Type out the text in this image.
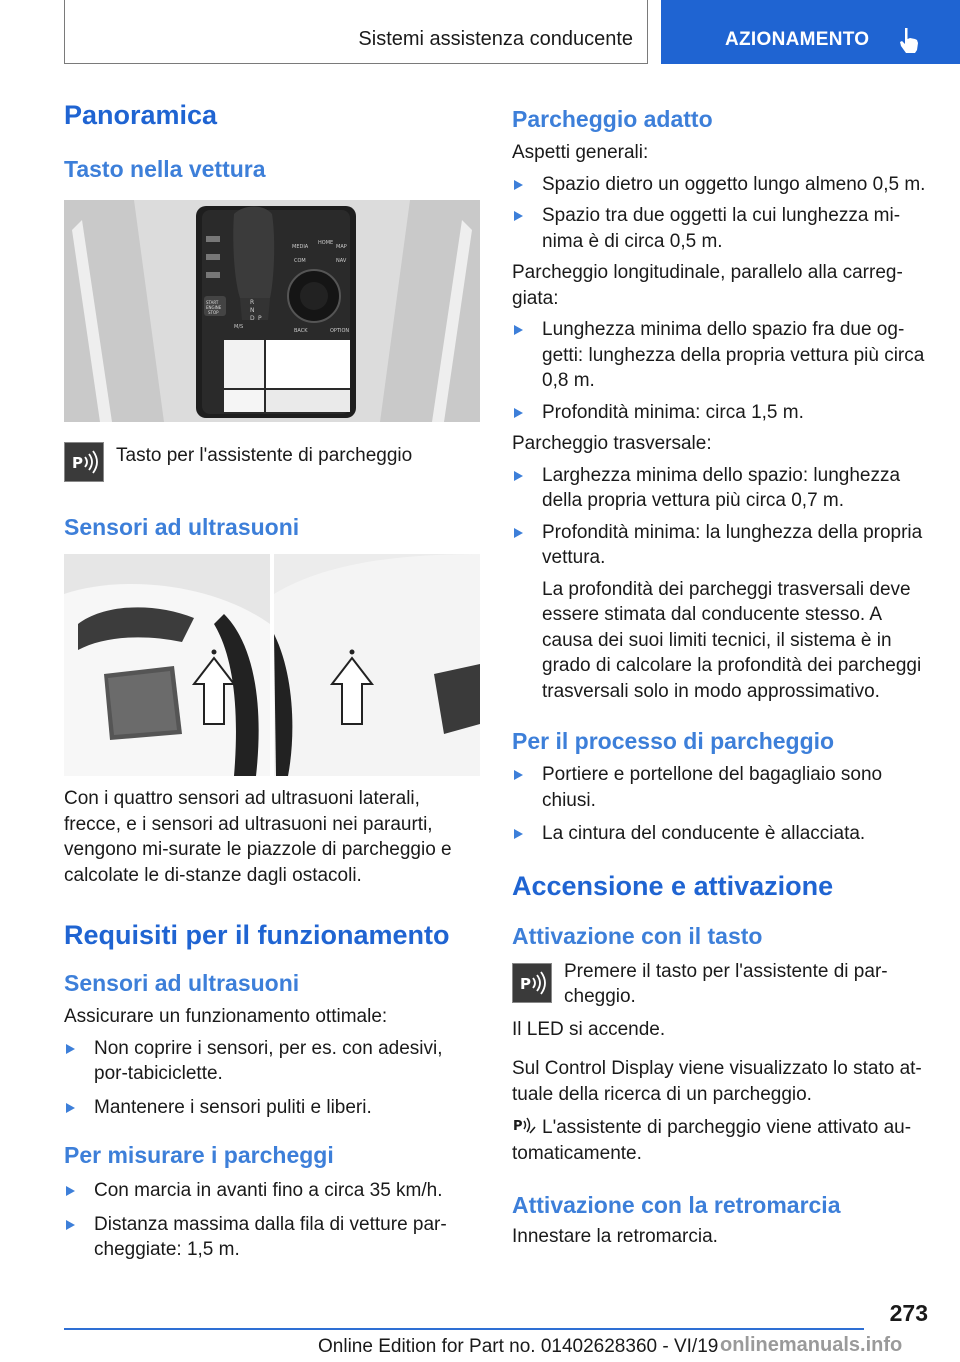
Sistemi assistenza conducente	AZIONAMENTO
Panoramica
Tasto nella vettura
MEDIA
HOME
MAP
COM	NAV
BACK	OPTION
START
ENGINE
STOP
R
N
D P
M/S
P Tasto per l'assistente di parcheggio
Sensori ad ultrasuoni

Con i quattro sensori ad ultrasuoni laterali, frecce, e i sensori ad ultrasuoni nei paraurti, vengono mi-surate le piazzole di parcheggio e calcolate le di-stanze dagli ostacoli.

Requisiti per il funzionamento
Sensori ad ultrasuoni

Assicurare un funzionamento ottimale:

Non coprire i sensori, per es. con adesivi, por-tabiciclette.
Mantenere i sensori puliti e liberi.
Per misurare i parcheggi
Con marcia in avanti fino a circa 35 km/h.
Distanza massima dalla fila di vetture par-cheggiate: 1,5 m.
Parcheggio adatto

Aspetti generali:

Spazio dietro un oggetto lungo almeno 0,5 m.
Spazio tra due oggetti la cui lunghezza mi-nima è di circa 0,5 m.

Parcheggio longitudinale, parallelo alla carreg-giata:

Lunghezza minima dello spazio fra due og-getti: lunghezza della propria vettura più circa 0,8 m.
Profondità minima: circa 1,5 m.

Parcheggio trasversale:

Larghezza minima dello spazio: lunghezza della propria vettura più circa 0,7 m.
Profondità minima: la lunghezza della propria vettura.

La profondità dei parcheggi trasversali deve essere stimata dal conducente stesso. A causa dei suoi limiti tecnici, il sistema è in grado di calcolare la profondità dei parcheggi trasversali solo in modo approssimativo.

Per il processo di parcheggio
Portiere e portellone del bagagliaio sono chiusi.
La cintura del conducente è allacciata.
Accensione e attivazione
Attivazione con il tasto
P

Premere il tasto per l'assistente di par-cheggio.

Il LED si accende.

Sul Control Display viene visualizzato lo stato at-tuale della ricerca di un parcheggio.

P L'assistente di parcheggio viene attivato au-tomaticamente.

Attivazione con la retromarcia

Innestare la retromarcia.

273
Online Edition for Part no. 01402628360 - VI/19 onlinemanuals.info
